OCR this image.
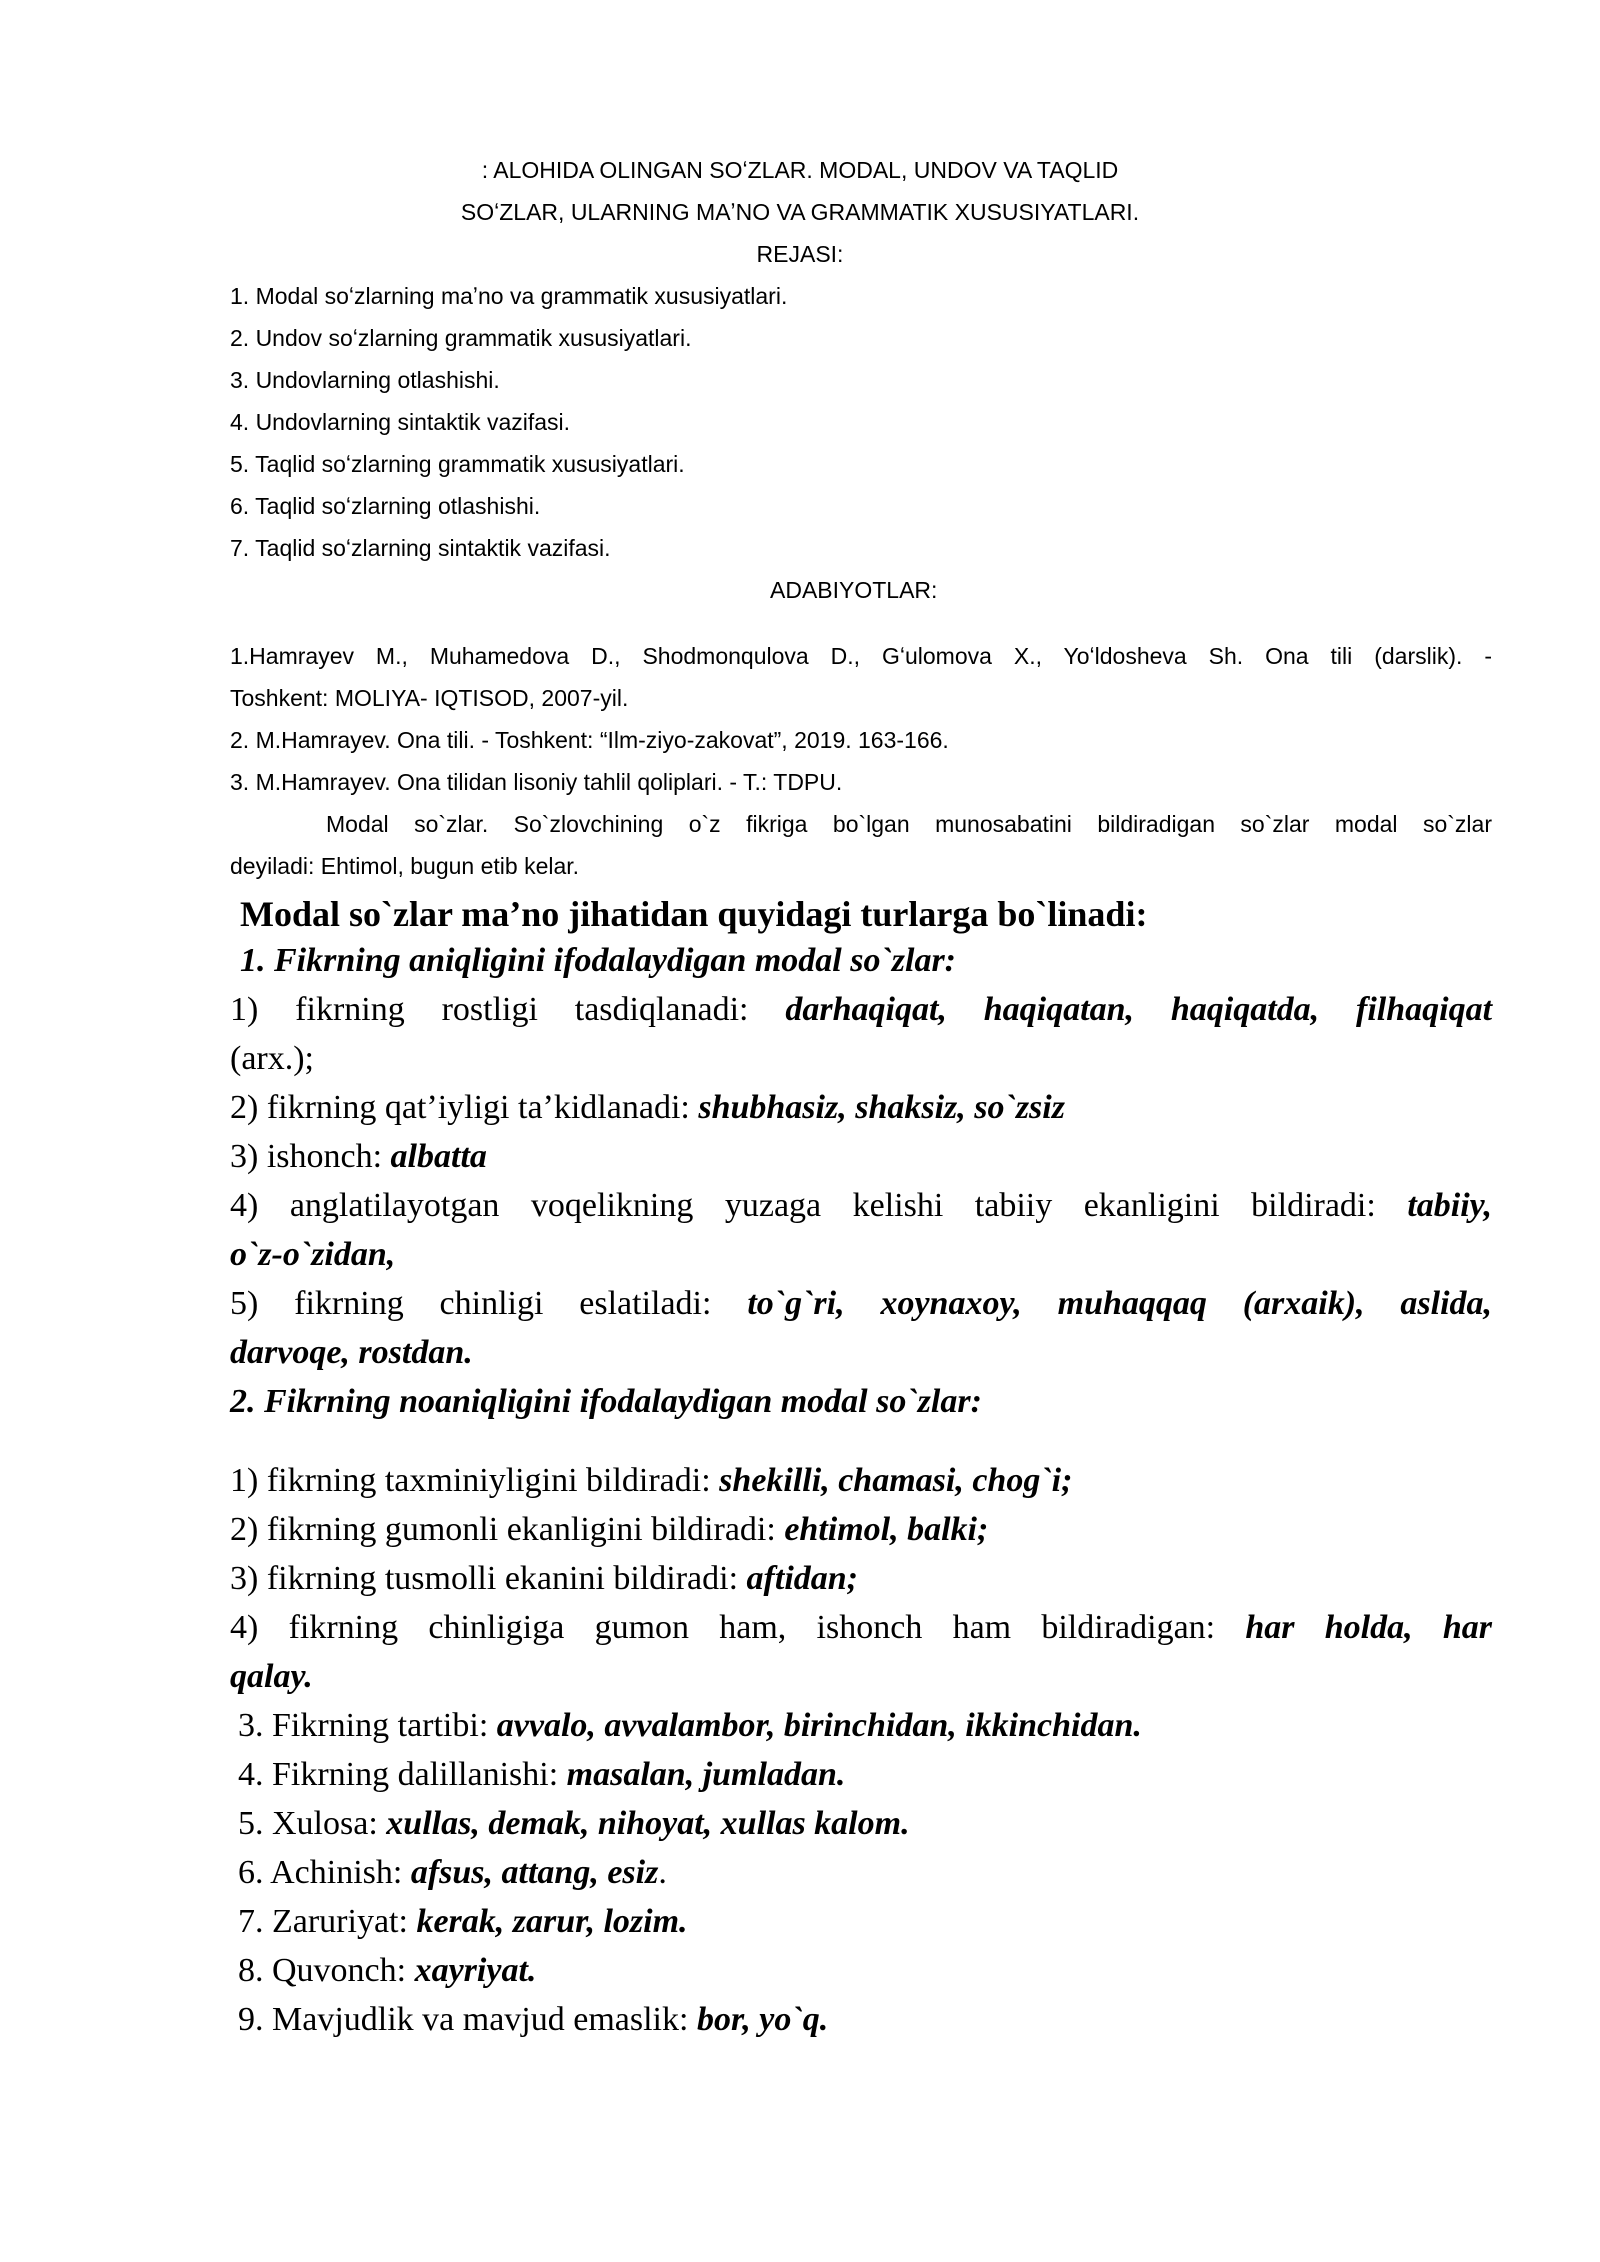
: ALOHIDA OLINGAN SOʻZLAR. MODAL, UNDOV VA TAQLID
SOʻZLAR, ULARNING MAʼNO VA GRAMMATIK XUSUSIYATLARI.
REJASI:
1. Modal soʻzlarning maʼno va grammatik xususiyatlari.
2. Undov soʻzlarning grammatik xususiyatlari.
3. Undovlarning otlashishi.
4. Undovlarning sintaktik vazifasi.
5. Taqlid soʻzlarning grammatik xususiyatlari.
6. Taqlid soʻzlarning otlashishi.
7. Taqlid soʻzlarning sintaktik vazifasi.
ADABIYOTLAR:
1.Hamrayev M., Muhamedova D., Shodmonqulova D., Gʻulomova X., Yoʻldosheva Sh. Ona tili (darslik). -
Toshkent: MOLIYA- IQTISOD, 2007-yil.
2. M.Hamrayev. Ona tili. - Toshkent: “Ilm-ziyo-zakovat”, 2019. 163-166.
3. M.Hamrayev. Ona tilidan lisoniy tahlil qoliplari. - T.: TDPU.
Modal so`zlar. So`zlovchining o`z fikriga bo`lgan munosabatini bildiradigan so`zlar modal so`zlar
deyiladi: Ehtimol, bugun etib kelar.
Modal so`zlar maʼno jihatidan quyidagi turlarga bo`linadi:
1. Fikrning aniqligini ifodalaydigan modal so`zlar:
1) fikrning rostligi tasdiqlanadi: darhaqiqat, haqiqatan, haqiqatda, filhaqiqat
(arx.);
2) fikrning qatʼiyligi taʼkidlanadi: shubhasiz, shaksiz, so`zsiz
3) ishonch: albatta
4) anglatilayotgan voqelikning yuzaga kelishi tabiiy ekanligini bildiradi: tabiiy,
o`z-o`zidan,
5) fikrning chinligi eslatiladi: to`g`ri, xoynaxoy, muhaqqaq (arxaik), aslida,
darvoqe, rostdan.
2. Fikrning noaniqligini ifodalaydigan modal so`zlar:
1) fikrning taxminiyligini bildiradi: shekilli, chamasi, chog`i;
2) fikrning gumonli ekanligini bildiradi: ehtimol, balki;
3) fikrning tusmolli ekanini bildiradi: aftidan;
4) fikrning chinligiga gumon ham, ishonch ham bildiradigan: har holda, har
qalay.
3. Fikrning tartibi: avvalo, avvalambor, birinchidan, ikkinchidan.
4. Fikrning dalillanishi: masalan, jumladan.
5. Xulosa: xullas, demak, nihoyat, xullas kalom.
6. Achinish: afsus, attang, esiz.
7. Zaruriyat: kerak, zarur, lozim.
8. Quvonch: xayriyat.
9. Mavjudlik va mavjud emaslik: bor, yo`q.
